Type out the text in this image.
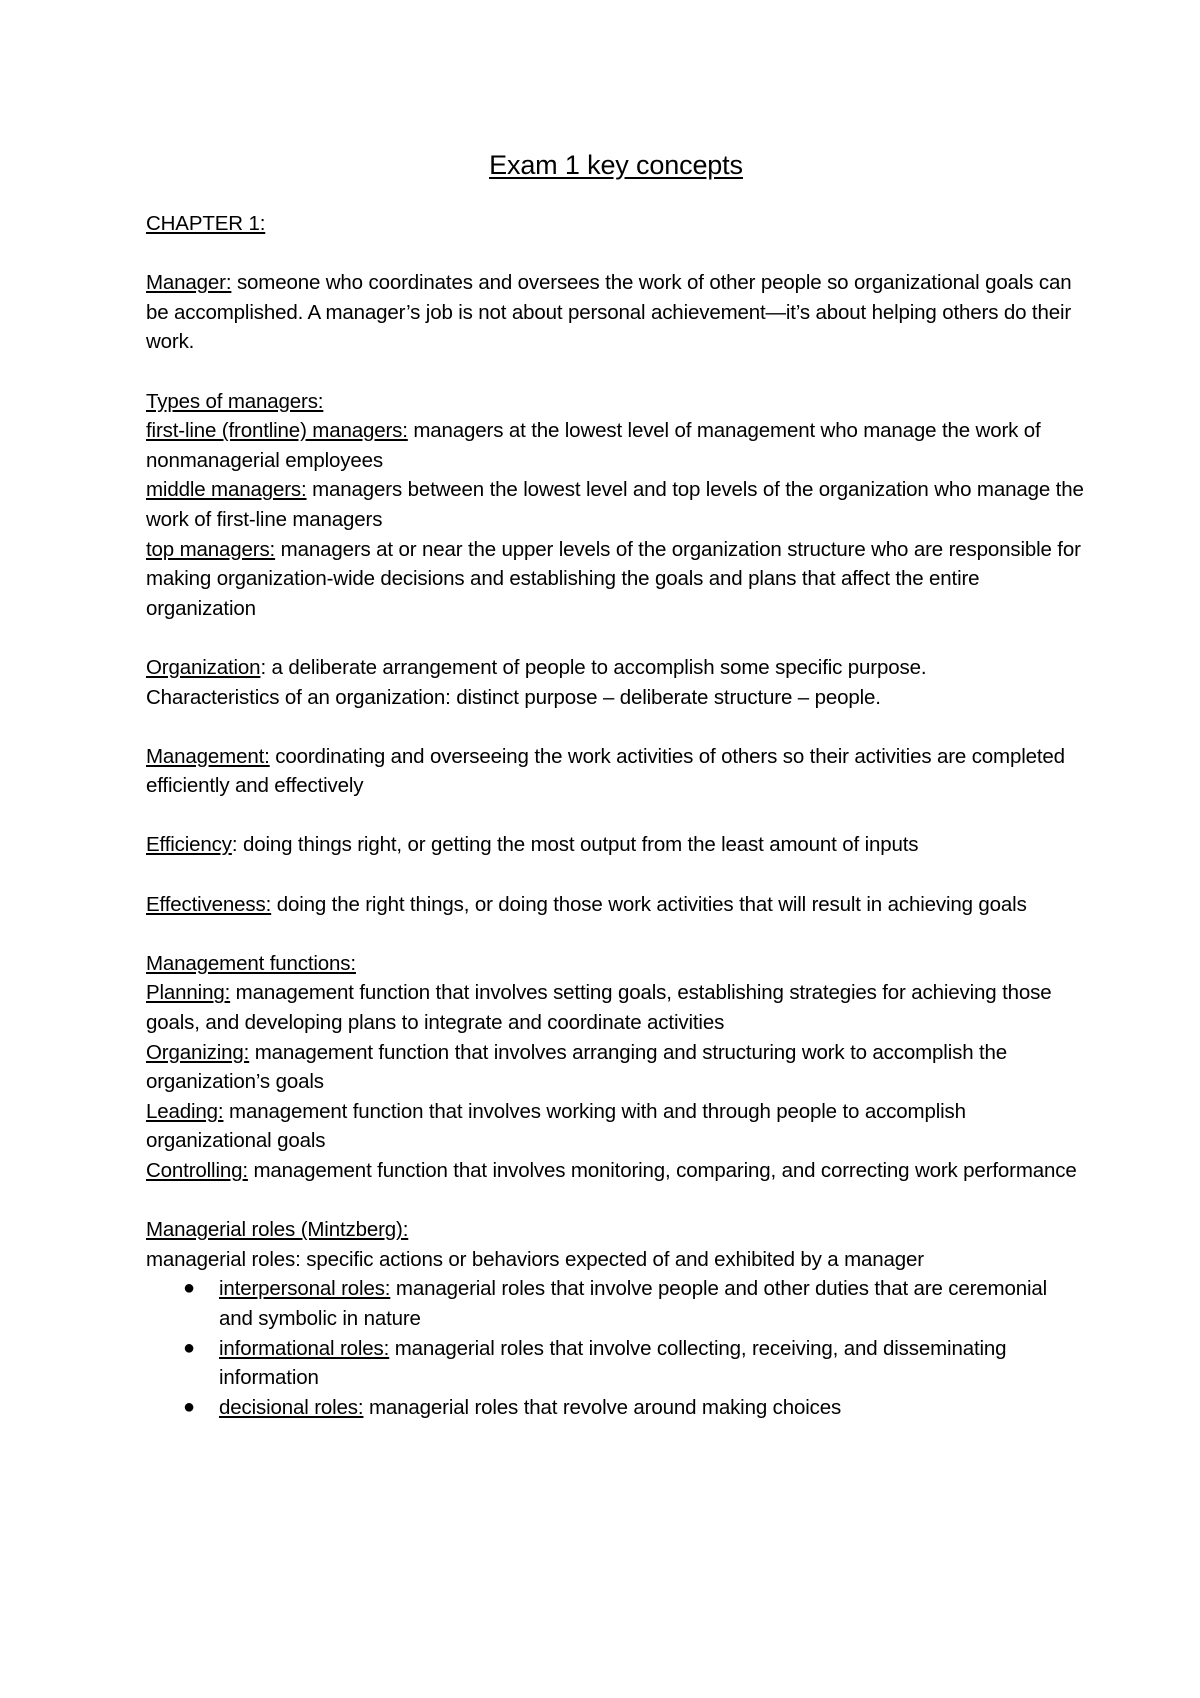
Exam 1 key concepts

CHAPTER 1:

Manager: someone who coordinates and oversees the work of other people so organizational goals can be accomplished. A manager’s job is not about personal achievement—it’s about helping others do their work.

Types of managers:

first-line (frontline) managers: managers at the lowest level of management who manage the work of nonmanagerial employees

middle managers: managers between the lowest level and top levels of the organization who manage the work of first-line managers

top managers: managers at or near the upper levels of the organization structure who are responsible for making organization-wide decisions and establishing the goals and plans that affect the entire organization

Organization: a deliberate arrangement of people to accomplish some specific purpose.

Characteristics of an organization: distinct purpose – deliberate structure – people.

Management: coordinating and overseeing the work activities of others so their activities are completed efficiently and effectively

Efficiency: doing things right, or getting the most output from the least amount of inputs

Effectiveness: doing the right things, or doing those work activities that will result in achieving goals

Management functions:

Planning: management function that involves setting goals, establishing strategies for achieving those goals, and developing plans to integrate and coordinate activities

Organizing: management function that involves arranging and structuring work to accomplish the organization’s goals

Leading: management function that involves working with and through people to accomplish organizational goals

Controlling: management function that involves monitoring, comparing, and correcting work performance

Managerial roles (Mintzberg):

managerial roles: specific actions or behaviors expected of and exhibited by a manager

● interpersonal roles: managerial roles that involve people and other duties that are ceremonial and symbolic in nature
● informational roles: managerial roles that involve collecting, receiving, and disseminating information
● decisional roles: managerial roles that revolve around making choices
